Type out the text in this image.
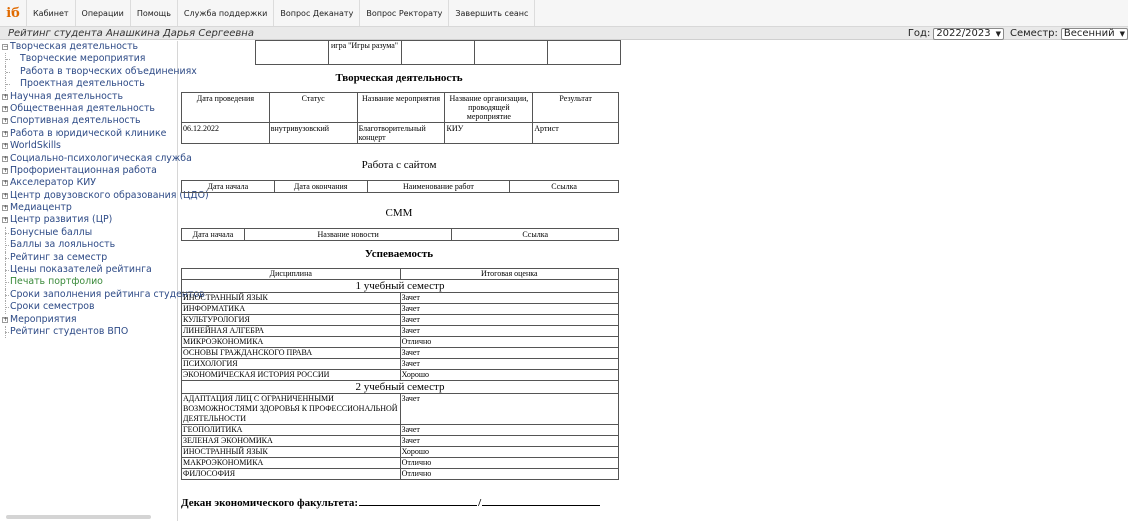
iб	Кабинет	Операции	Помощь	Служба поддержки	Вопрос Деканату	Вопрос Ректорату	Завершить сеанс
Рейтинг студента Анашкина Дарья Сергеевна	Год: 2022/2023 ▼ Семестр: Весенний ▼
− Творческая деятельность
Творческие мероприятия
Работа в творческих объединениях
Проектная деятельность
+ Научная деятельность
+ Общественная деятельность
+ Спортивная деятельность
+ Работа в юридической клинике
+ WorldSkills
+ Социально-психологическая служба
+ Профориентационная работа
+ Акселератор КИУ
+ Центр довузовского образования (ЦДО)
+ Медиацентр
+ Центр развития (ЦР)
Бонусные баллы
Баллы за лояльность
Рейтинг за семестр
Цены показателей рейтинга
Печать портфолио
Сроки заполнения рейтинга студентов
Сроки семестров
+ Мероприятия
Рейтинг студентов ВПО
	игра "Игры разума"			
Творческая деятельность
Дата проведения	Статус	Название мероприятия	Название организации, проводящей мероприятие	Результат
06.12.2022	внутривузовский	Благотворительный концерт	КИУ	Артист
Работа с сайтом
Дата начала	Дата окончания	Наименование работ	Ссылка
СММ
Дата начала	Название новости	Ссылка
Успеваемость
Дисциплина	Итоговая оценка
1 учебный семестр	
ИНОСТРАННЫЙ ЯЗЫК	Зачет
ИНФОРМАТИКА	Зачет
КУЛЬТУРОЛОГИЯ	Зачет
ЛИНЕЙНАЯ АЛГЕБРА	Зачет
МИКРОЭКОНОМИКА	Отлично
ОСНОВЫ ГРАЖДАНСКОГО ПРАВА	Зачет
ПСИХОЛОГИЯ	Зачет
ЭКОНОМИЧЕСКАЯ ИСТОРИЯ РОССИИ	Хорошо
2 учебный семестр	
АДАПТАЦИЯ ЛИЦ С ОГРАНИЧЕННЫМИ ВОЗМОЖНОСТЯМИ ЗДОРОВЬЯ К ПРОФЕССИОНАЛЬНОЙ ДЕЯТЕЛЬНОСТИ	Зачет
ГЕОПОЛИТИКА	Зачет
ЗЕЛЕНАЯ ЭКОНОМИКА	Зачет
ИНОСТРАННЫЙ ЯЗЫК	Хорошо
МАКРОЭКОНОМИКА	Отлично
ФИЛОСОФИЯ	Отлично
Декан экономического факультета:	/
